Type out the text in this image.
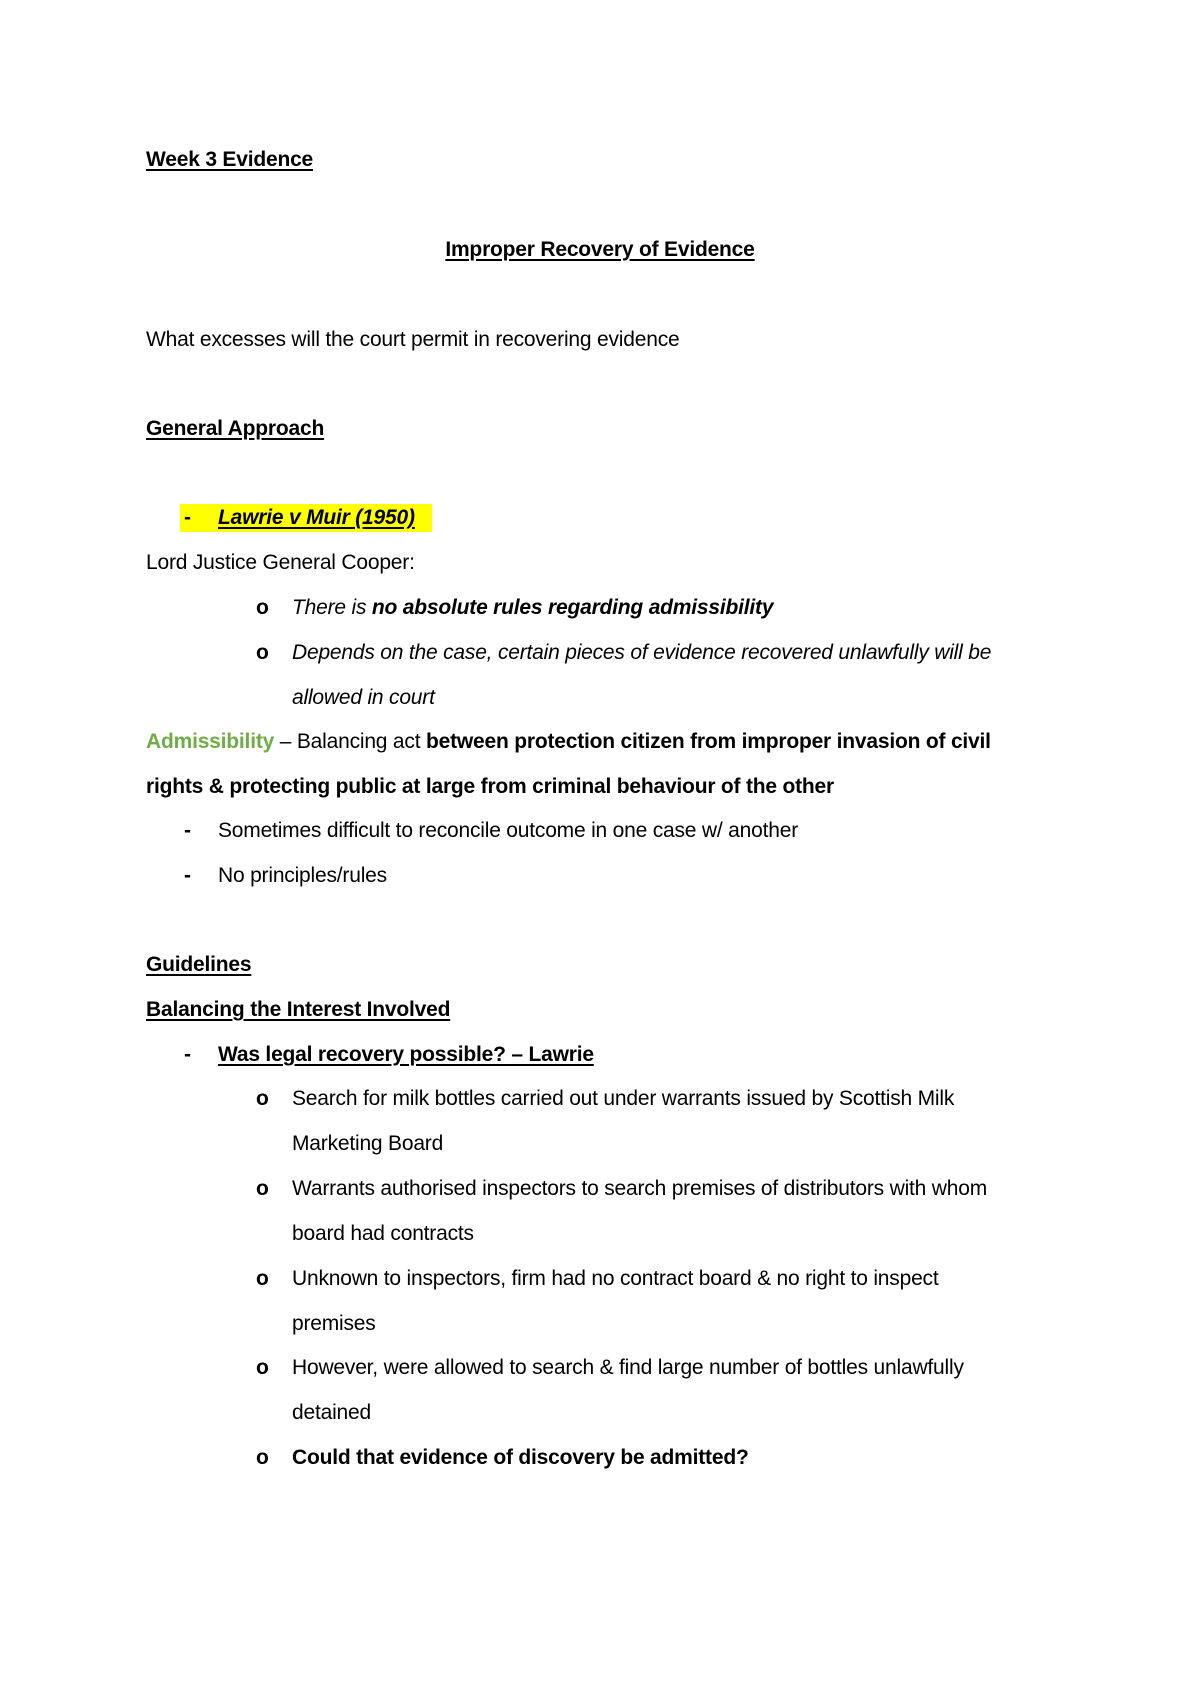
Week 3 Evidence
Improper Recovery of Evidence
What excesses will the court permit in recovering evidence
General Approach
- Lawrie v Muir (1950)
Lord Justice General Cooper:
o There is no absolute rules regarding admissibility
o Depends on the case, certain pieces of evidence recovered unlawfully will be
allowed in court
Admissibility – Balancing act between protection citizen from improper invasion of civil
rights & protecting public at large from criminal behaviour of the other
- Sometimes difficult to reconcile outcome in one case w/ another
- No principles/rules
Guidelines
Balancing the Interest Involved
- Was legal recovery possible? – Lawrie
o Search for milk bottles carried out under warrants issued by Scottish Milk
Marketing Board
o Warrants authorised inspectors to search premises of distributors with whom
board had contracts
o Unknown to inspectors, firm had no contract board & no right to inspect
premises
o However, were allowed to search & find large number of bottles unlawfully
detained
o Could that evidence of discovery be admitted?
